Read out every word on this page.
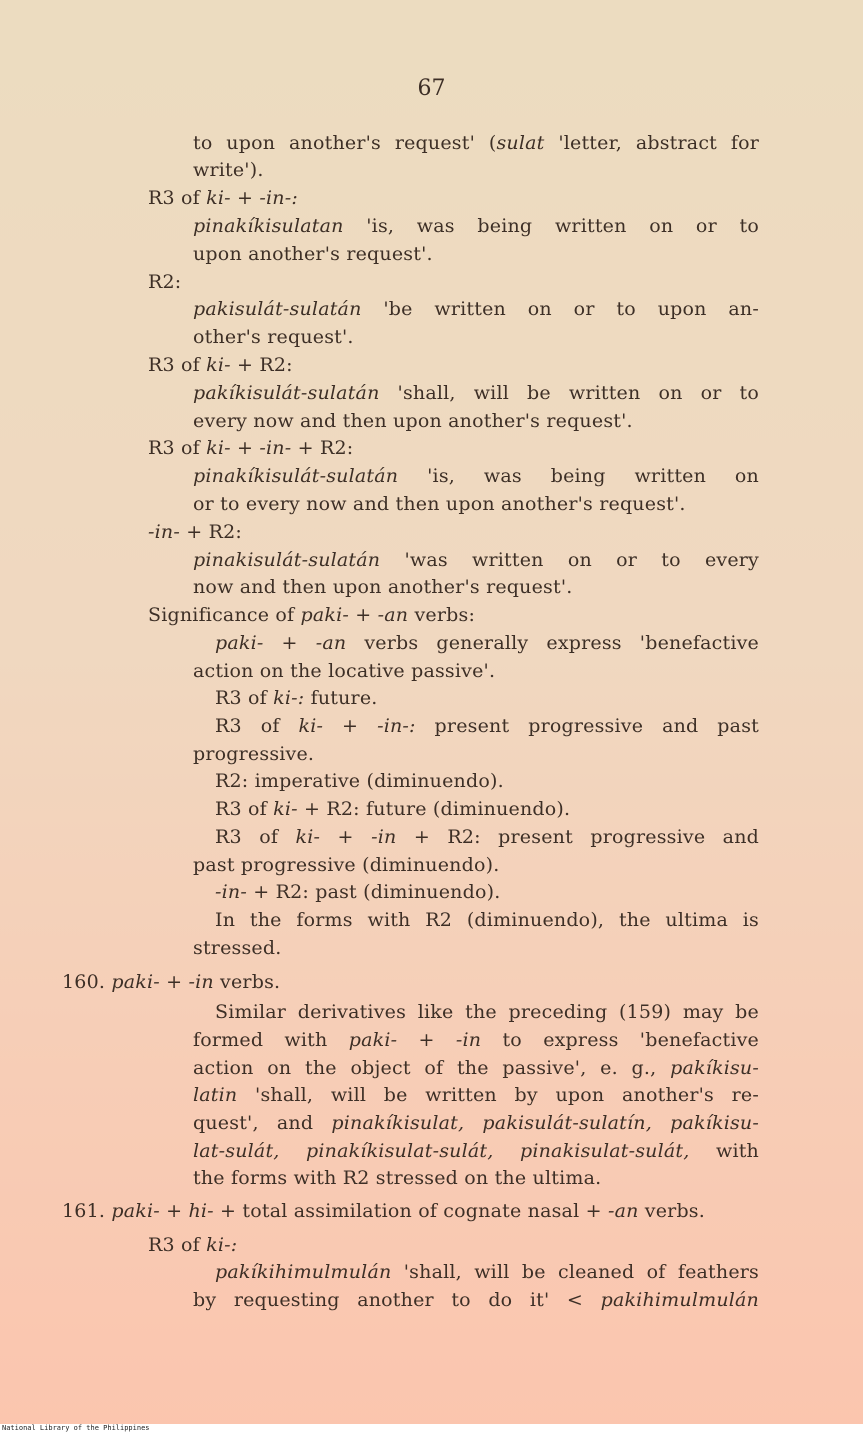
67
to upon another's request' (sulat 'letter, abstract for
write').
R3 of ki- + -in-:
pinakíkisulatan 'is, was being written on or to
upon another's request'.
R2:
pakisulát-sulatán 'be written on or to upon an-
other's request'.
R3 of ki- + R2:
pakíkisulát-sulatán 'shall, will be written on or to
every now and then upon another's request'.
R3 of ki- + -in- + R2:
pinakíkisulát-sulatán 'is, was being written on
or to every now and then upon another's request'.
-in- + R2:
pinakisulát-sulatán 'was written on or to every
now and then upon another's request'.
Significance of paki- + -an verbs:
paki- + -an verbs generally express 'benefactive
action on the locative passive'.
R3 of ki-: future.
R3 of ki- + -in-: present progressive and past
progressive.
R2: imperative (diminuendo).
R3 of ki- + R2: future (diminuendo).
R3 of ki- + -in + R2: present progressive and
past progressive (diminuendo).
-in- + R2: past (diminuendo).
In the forms with R2 (diminuendo), the ultima is
stressed.
160. paki- + -in verbs.
Similar derivatives like the preceding (159) may be
formed with paki- + -in to express 'benefactive
action on the object of the passive', e. g., pakíkisu-
latin 'shall, will be written by upon another's re-
quest', and pinakíkisulat, pakisulát-sulatín, pakíkisu-
lat-sulát, pinakíkisulat-sulát, pinakisulat-sulát, with
the forms with R2 stressed on the ultima.
161. paki- + hi- + total assimilation of cognate nasal + -an verbs.
R3 of ki-:
pakíkihimulmulán 'shall, will be cleaned of feathers
by requesting another to do it' < pakihimulmulán
National Library of the Philippines
